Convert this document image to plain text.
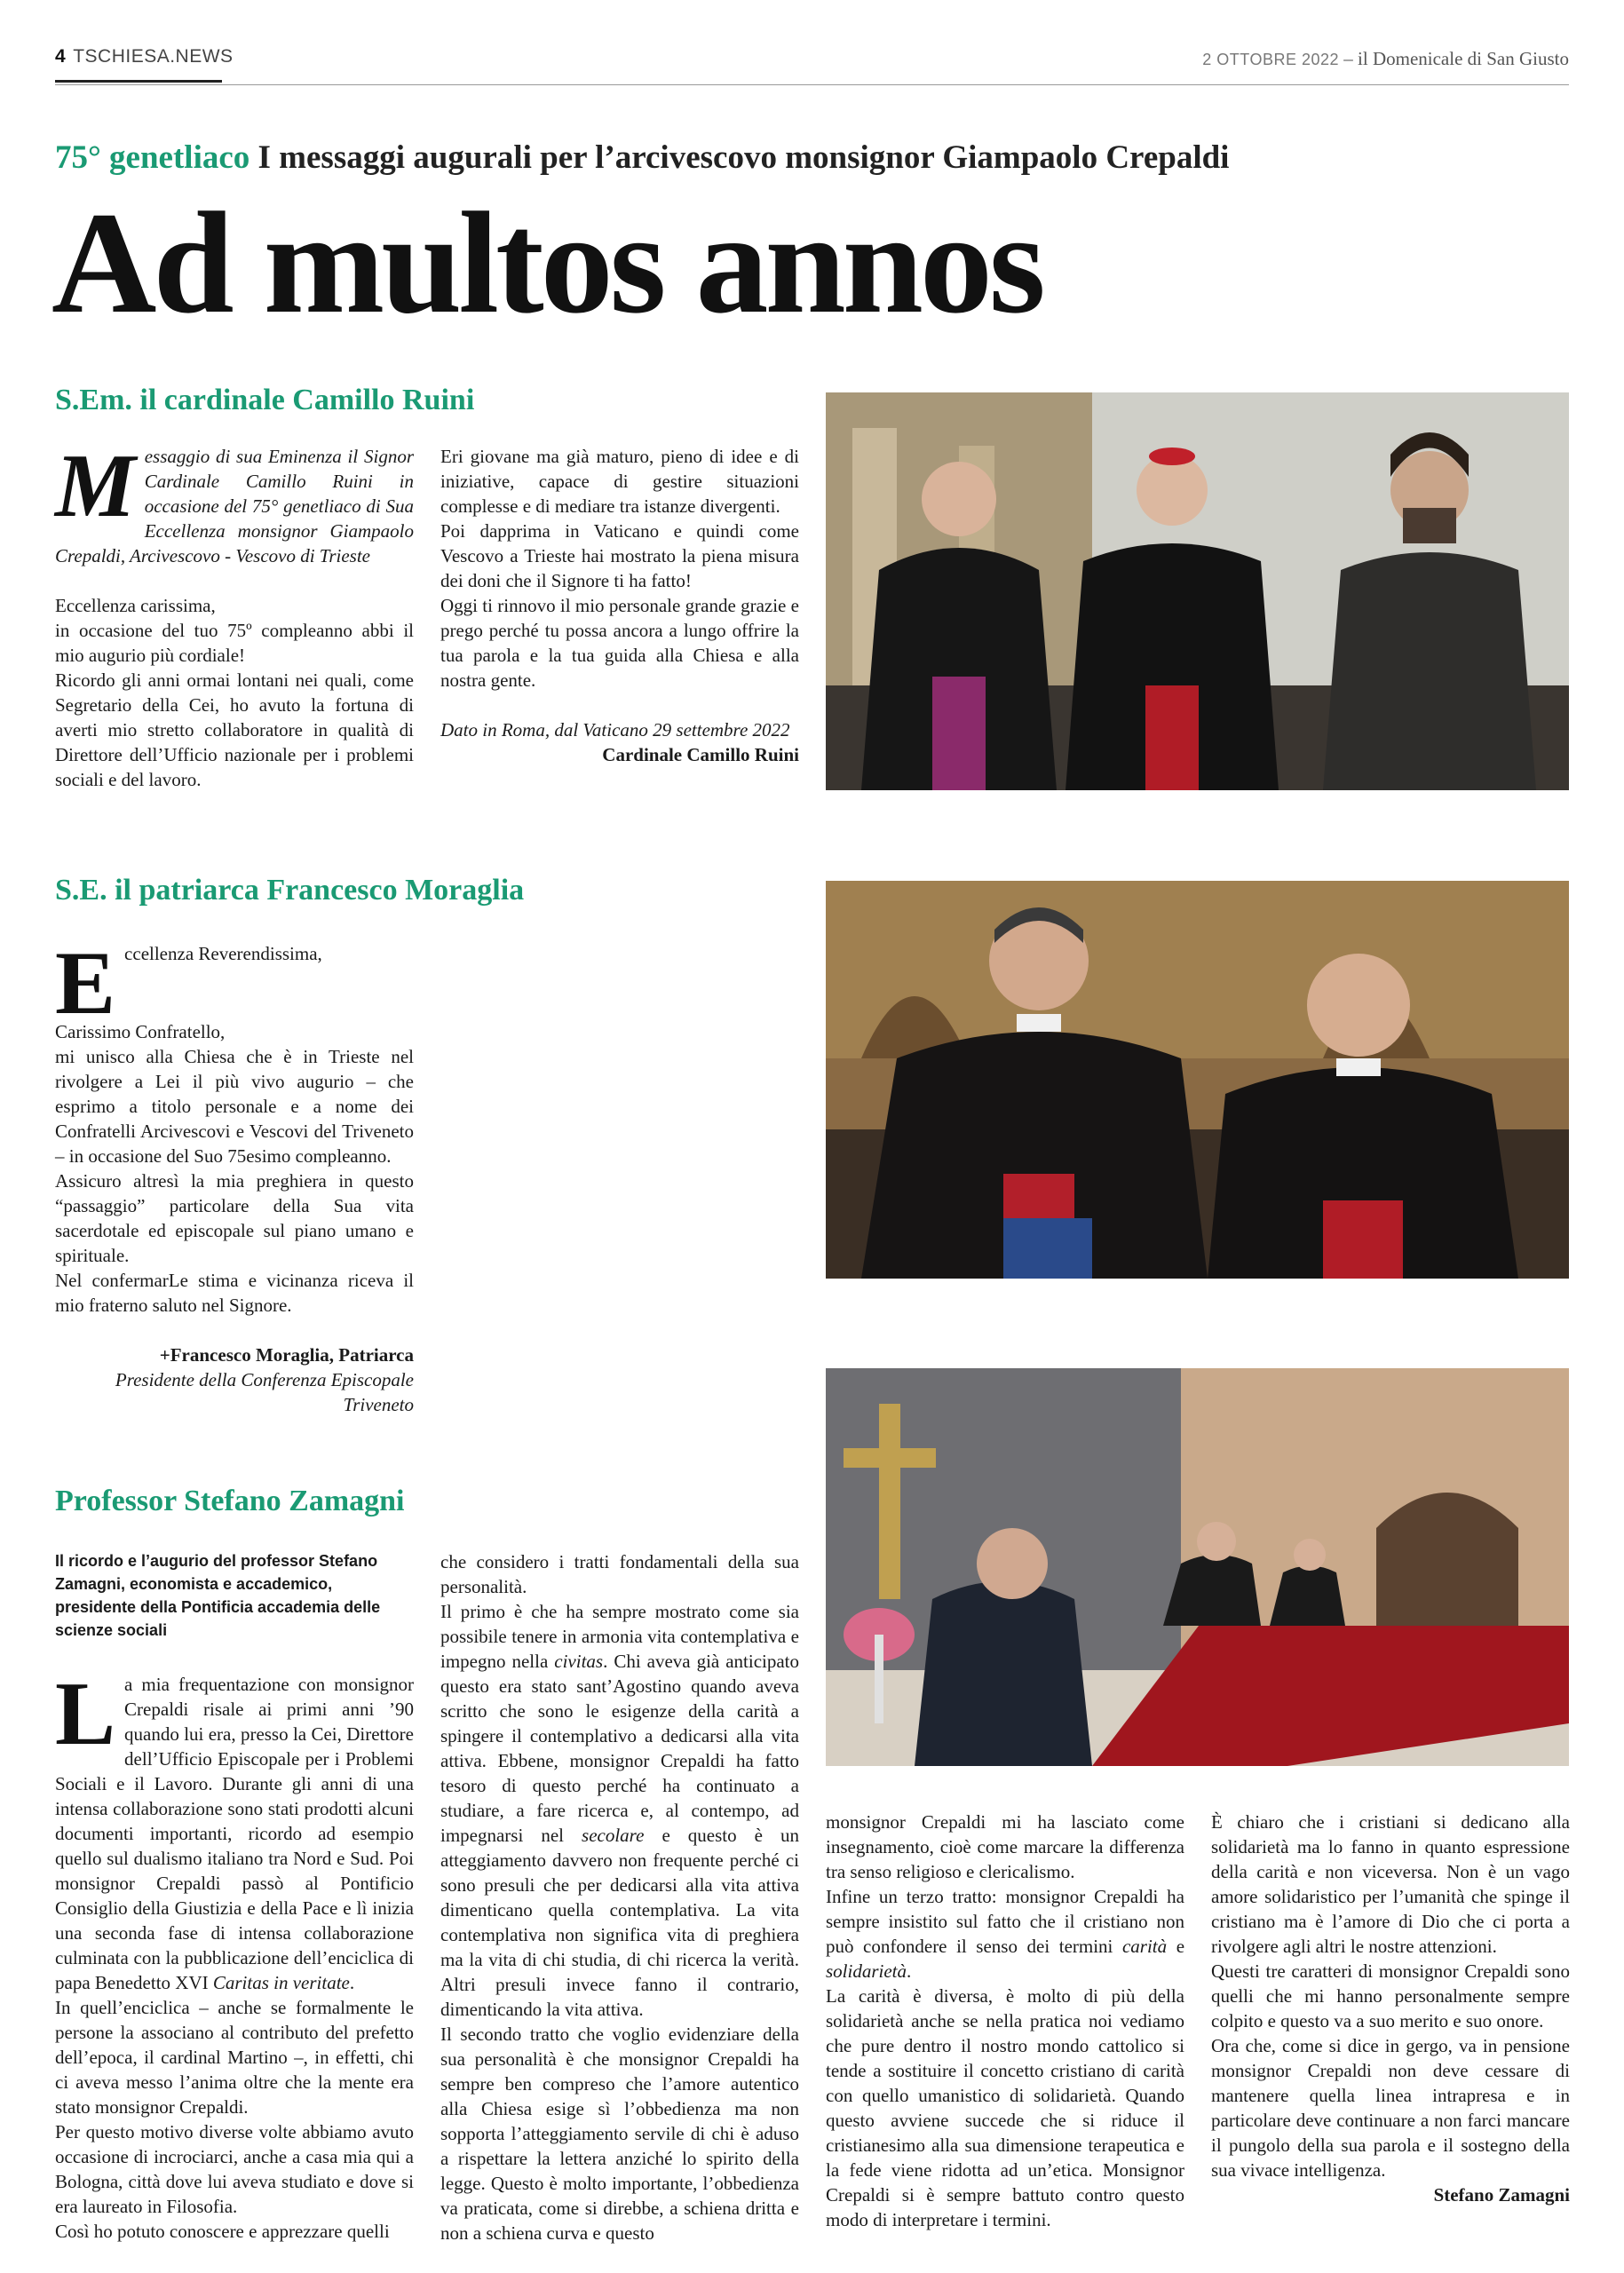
4 TSCHIESA.NEWS	2 OTTOBRE 2022 – il Domenicale di San Giusto
75° genetliaco I messaggi augurali per l’arcivescovo monsignor Giampaolo Crepaldi
Ad multos annos
S.Em. il cardinale Camillo Ruini

Messaggio di sua Eminenza il Signor Cardinale Camillo Ruini in occasione del 75° genetliaco di Sua Eccellenza monsignor Giampaolo Crepaldi, Arcivescovo - Vescovo di Trieste

Eccellenza carissima,

in occasione del tuo 75º compleanno abbi il mio augurio più cordiale!

Ricordo gli anni ormai lontani nei quali, come Segretario della Cei, ho avuto la fortuna di averti mio stretto collaboratore in qualità di Direttore dell’Ufficio nazionale per i problemi sociali e del lavoro.

Eri giovane ma già maturo, pieno di idee e di iniziative, capace di gestire situazioni complesse e di mediare tra istanze divergenti.

Poi dapprima in Vaticano e quindi come Vescovo a Trieste hai mostrato la piena misura dei doni che il Signore ti ha fatto!

Oggi ti rinnovo il mio personale grande grazie e prego perché tu possa ancora a lungo offrire la tua parola e la tua guida alla Chiesa e alla nostra gente.

Dato in Roma, dal Vaticano 29 settembre 2022

Cardinale Camillo Ruini

S.E. il patriarca Francesco Moraglia

Eccellenza Reverendissima,

Carissimo Confratello,

mi unisco alla Chiesa che è in Trieste nel rivolgere a Lei il più vivo augurio – che esprimo a titolo personale e a nome dei Confratelli Arcivescovi e Vescovi del Triveneto – in occasione del Suo 75esimo compleanno.

Assicuro altresì la mia preghiera in questo “passaggio” particolare della Sua vita sacerdotale ed episcopale sul piano umano e spirituale.

Nel confermarLe stima e vicinanza riceva il mio fraterno saluto nel Signore.

+Francesco Moraglia, Patriarca

Presidente della Conferenza Episcopale Triveneto

Professor Stefano Zamagni

Il ricordo e l’augurio del professor Stefano Zamagni, economista e accademico, presidente della Pontificia accademia delle scienze sociali

La mia frequentazione con monsignor Crepaldi risale ai primi anni ’90 quando lui era, presso la Cei, Direttore dell’Ufficio Episcopale per i Problemi Sociali e il Lavoro. Durante gli anni di una intensa collaborazione sono stati prodotti alcuni documenti importanti, ricordo ad esempio quello sul dualismo italiano tra Nord e Sud. Poi monsignor Crepaldi passò al Pontificio Consiglio della Giustizia e della Pace e lì inizia una seconda fase di intensa collaborazione culminata con la pubblicazione dell’enciclica di papa Benedetto XVI Caritas in veritate.

In quell’enciclica – anche se formalmente le persone la associano al contributo del prefetto dell’epoca, il cardinal Martino –, in effetti, chi ci aveva messo l’anima oltre che la mente era stato monsignor Crepaldi.

Per questo motivo diverse volte abbiamo avuto occasione di incrociarci, anche a casa mia qui a Bologna, città dove lui aveva studiato e dove si era laureato in Filosofia.

Così ho potuto conoscere e apprezzare quelli

che considero i tratti fondamentali della sua personalità.

Il primo è che ha sempre mostrato come sia possibile tenere in armonia vita contemplativa e impegno nella civitas. Chi aveva già anticipato questo era stato sant’Agostino quando aveva scritto che sono le esigenze della carità a spingere il contemplativo a dedicarsi alla vita attiva. Ebbene, monsignor Crepaldi ha fatto tesoro di questo perché ha continuato a studiare, a fare ricerca e, al contempo, ad impegnarsi nel secolare e questo è un atteggiamento davvero non frequente perché ci sono presuli che per dedicarsi alla vita attiva dimenticano quella contemplativa. La vita contemplativa non significa vita di preghiera ma la vita di chi studia, di chi ricerca la verità. Altri presuli invece fanno il contrario, dimenticando la vita attiva.

Il secondo tratto che voglio evidenziare della sua personalità è che monsignor Crepaldi ha sempre ben compreso che l’amore autentico alla Chiesa esige sì l’obbedienza ma non sopporta l’atteggiamento servile di chi è aduso a rispettare la lettera anziché lo spirito della legge. Questo è molto importante, l’obbedienza va praticata, come si direbbe, a schiena dritta e non a schiena curva e questo

monsignor Crepaldi mi ha lasciato come insegnamento, cioè come marcare la differenza tra senso religioso e clericalismo.

Infine un terzo tratto: monsignor Crepaldi ha sempre insistito sul fatto che il cristiano non può confondere il senso dei termini carità e solidarietà.

La carità è diversa, è molto di più della solidarietà anche se nella pratica noi vediamo che pure dentro il nostro mondo cattolico si tende a sostituire il concetto cristiano di carità con quello umanistico di solidarietà. Quando questo avviene succede che si riduce il cristianesimo alla sua dimensione terapeutica e la fede viene ridotta ad un’etica. Monsignor Crepaldi si è sempre battuto contro questo modo di interpretare i termini.

È chiaro che i cristiani si dedicano alla solidarietà ma lo fanno in quanto espressione della carità e non viceversa. Non è un vago amore solidaristico per l’umanità che spinge il cristiano ma è l’amore di Dio che ci porta a rivolgere agli altri le nostre attenzioni.

Questi tre caratteri di monsignor Crepaldi sono quelli che mi hanno personalmente sempre colpito e questo va a suo merito e suo onore.

Ora che, come si dice in gergo, va in pensione monsignor Crepaldi non deve cessare di mantenere quella linea intrapresa e in particolare deve continuare a non farci mancare il pungolo della sua parola e il sostegno della sua vivace intelligenza.

Stefano Zamagni
